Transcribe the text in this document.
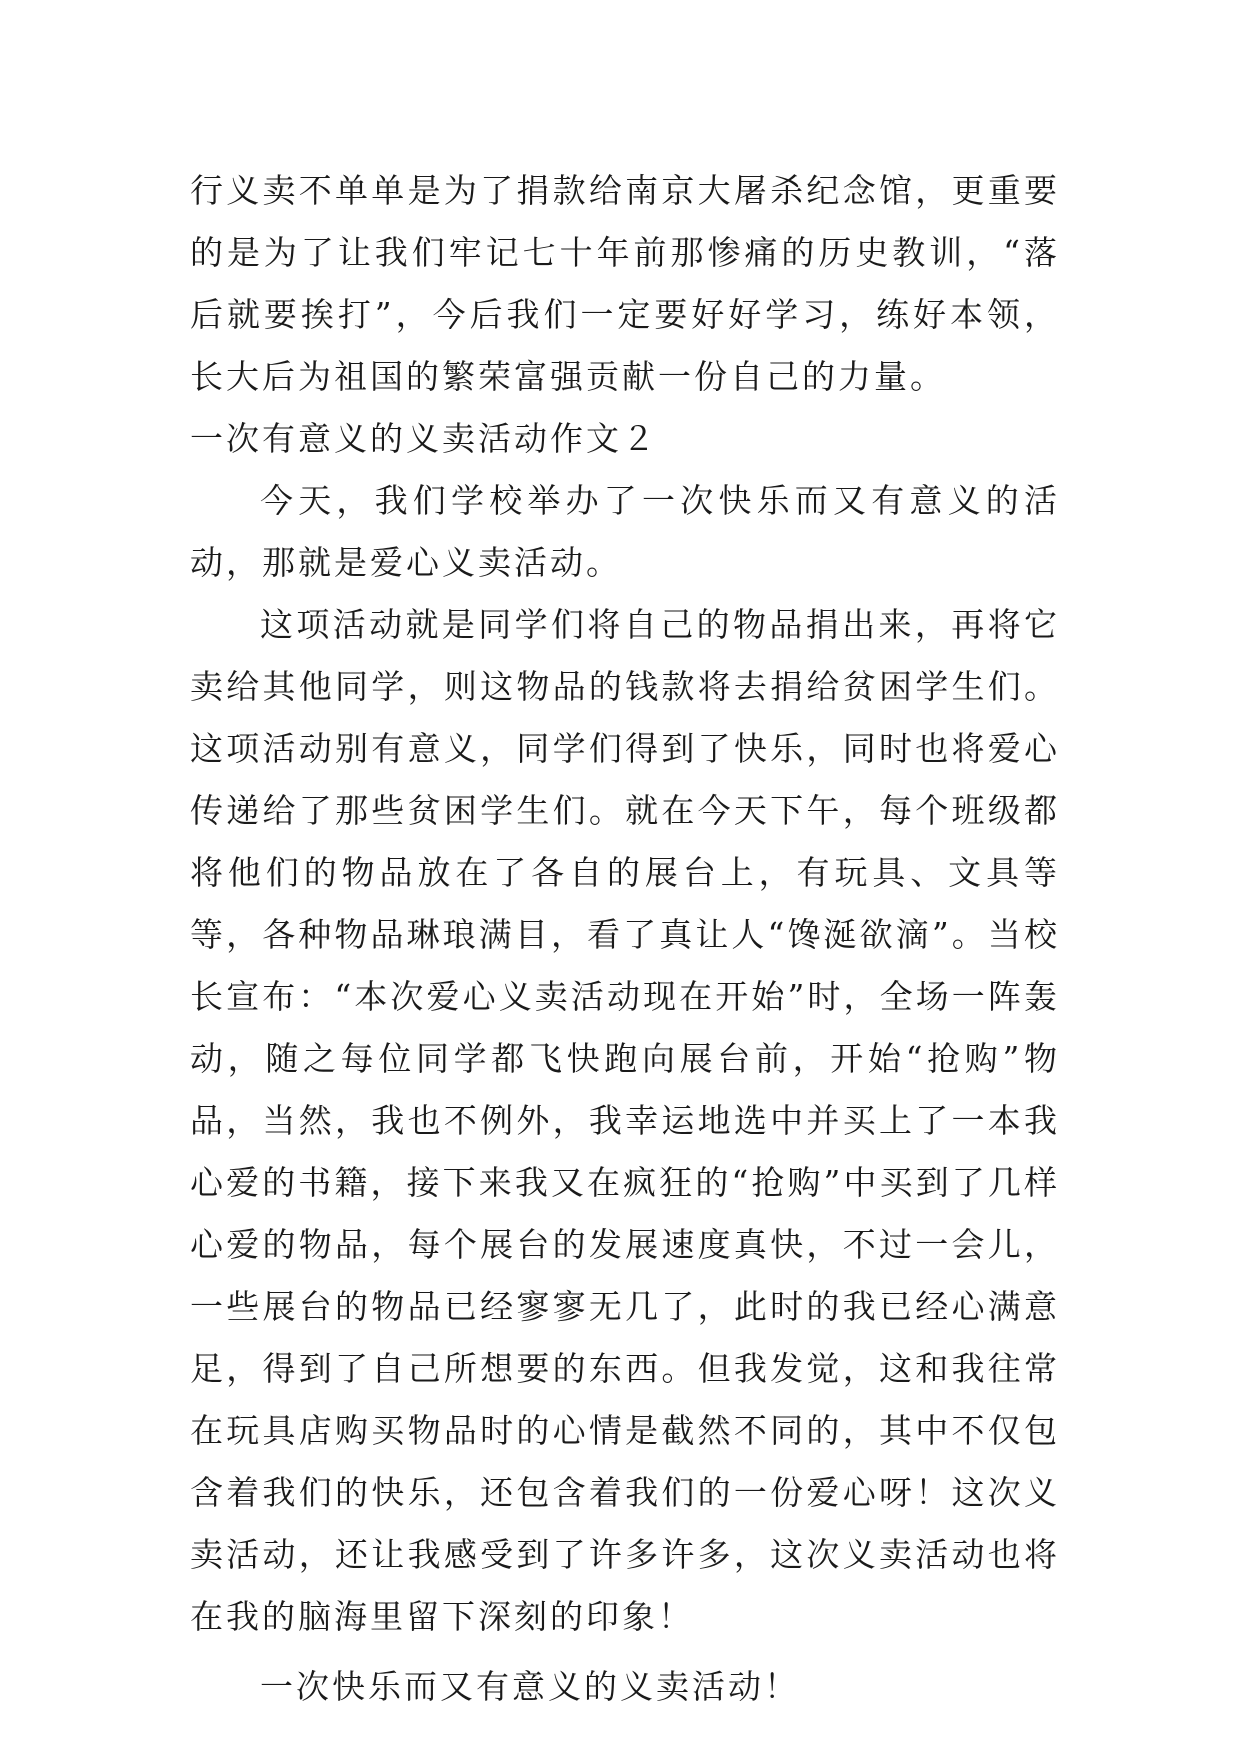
行义卖不单单是为了捐款给南京大屠杀纪念馆，更重要的是为了让我们牢记七十年前那惨痛的历史教训，“落后就要挨打”，今后我们一定要好好学习，练好本领，长大后为祖国的繁荣富强贡献一份自己的力量。

一次有意义的义卖活动作文２

今天，我们学校举办了一次快乐而又有意义的活动，那就是爱心义卖活动。

这项活动就是同学们将自己的物品捐出来，再将它卖给其他同学，则这物品的钱款将去捐给贫困学生们。这项活动别有意义，同学们得到了快乐，同时也将爱心传递给了那些贫困学生们。就在今天下午，每个班级都将他们的物品放在了各自的展台上，有玩具、文具等等，各种物品琳琅满目，看了真让人“馋涎欲滴”。当校长宣布：“本次爱心义卖活动现在开始”时，全场一阵轰动，随之每位同学都飞快跑向展台前，开始“抢购”物品，当然，我也不例外，我幸运地选中并买上了一本我心爱的书籍，接下来我又在疯狂的“抢购”中买到了几样心爱的物品，每个展台的发展速度真快，不过一会儿，一些展台的物品已经寥寥无几了，此时的我已经心满意足，得到了自己所想要的东西。但我发觉，这和我往常在玩具店购买物品时的心情是截然不同的，其中不仅包含着我们的快乐，还包含着我们的一份爱心呀！这次义卖活动，还让我感受到了许多许多，这次义卖活动也将在我的脑海里留下深刻的印象！

一次快乐而又有意义的义卖活动！
